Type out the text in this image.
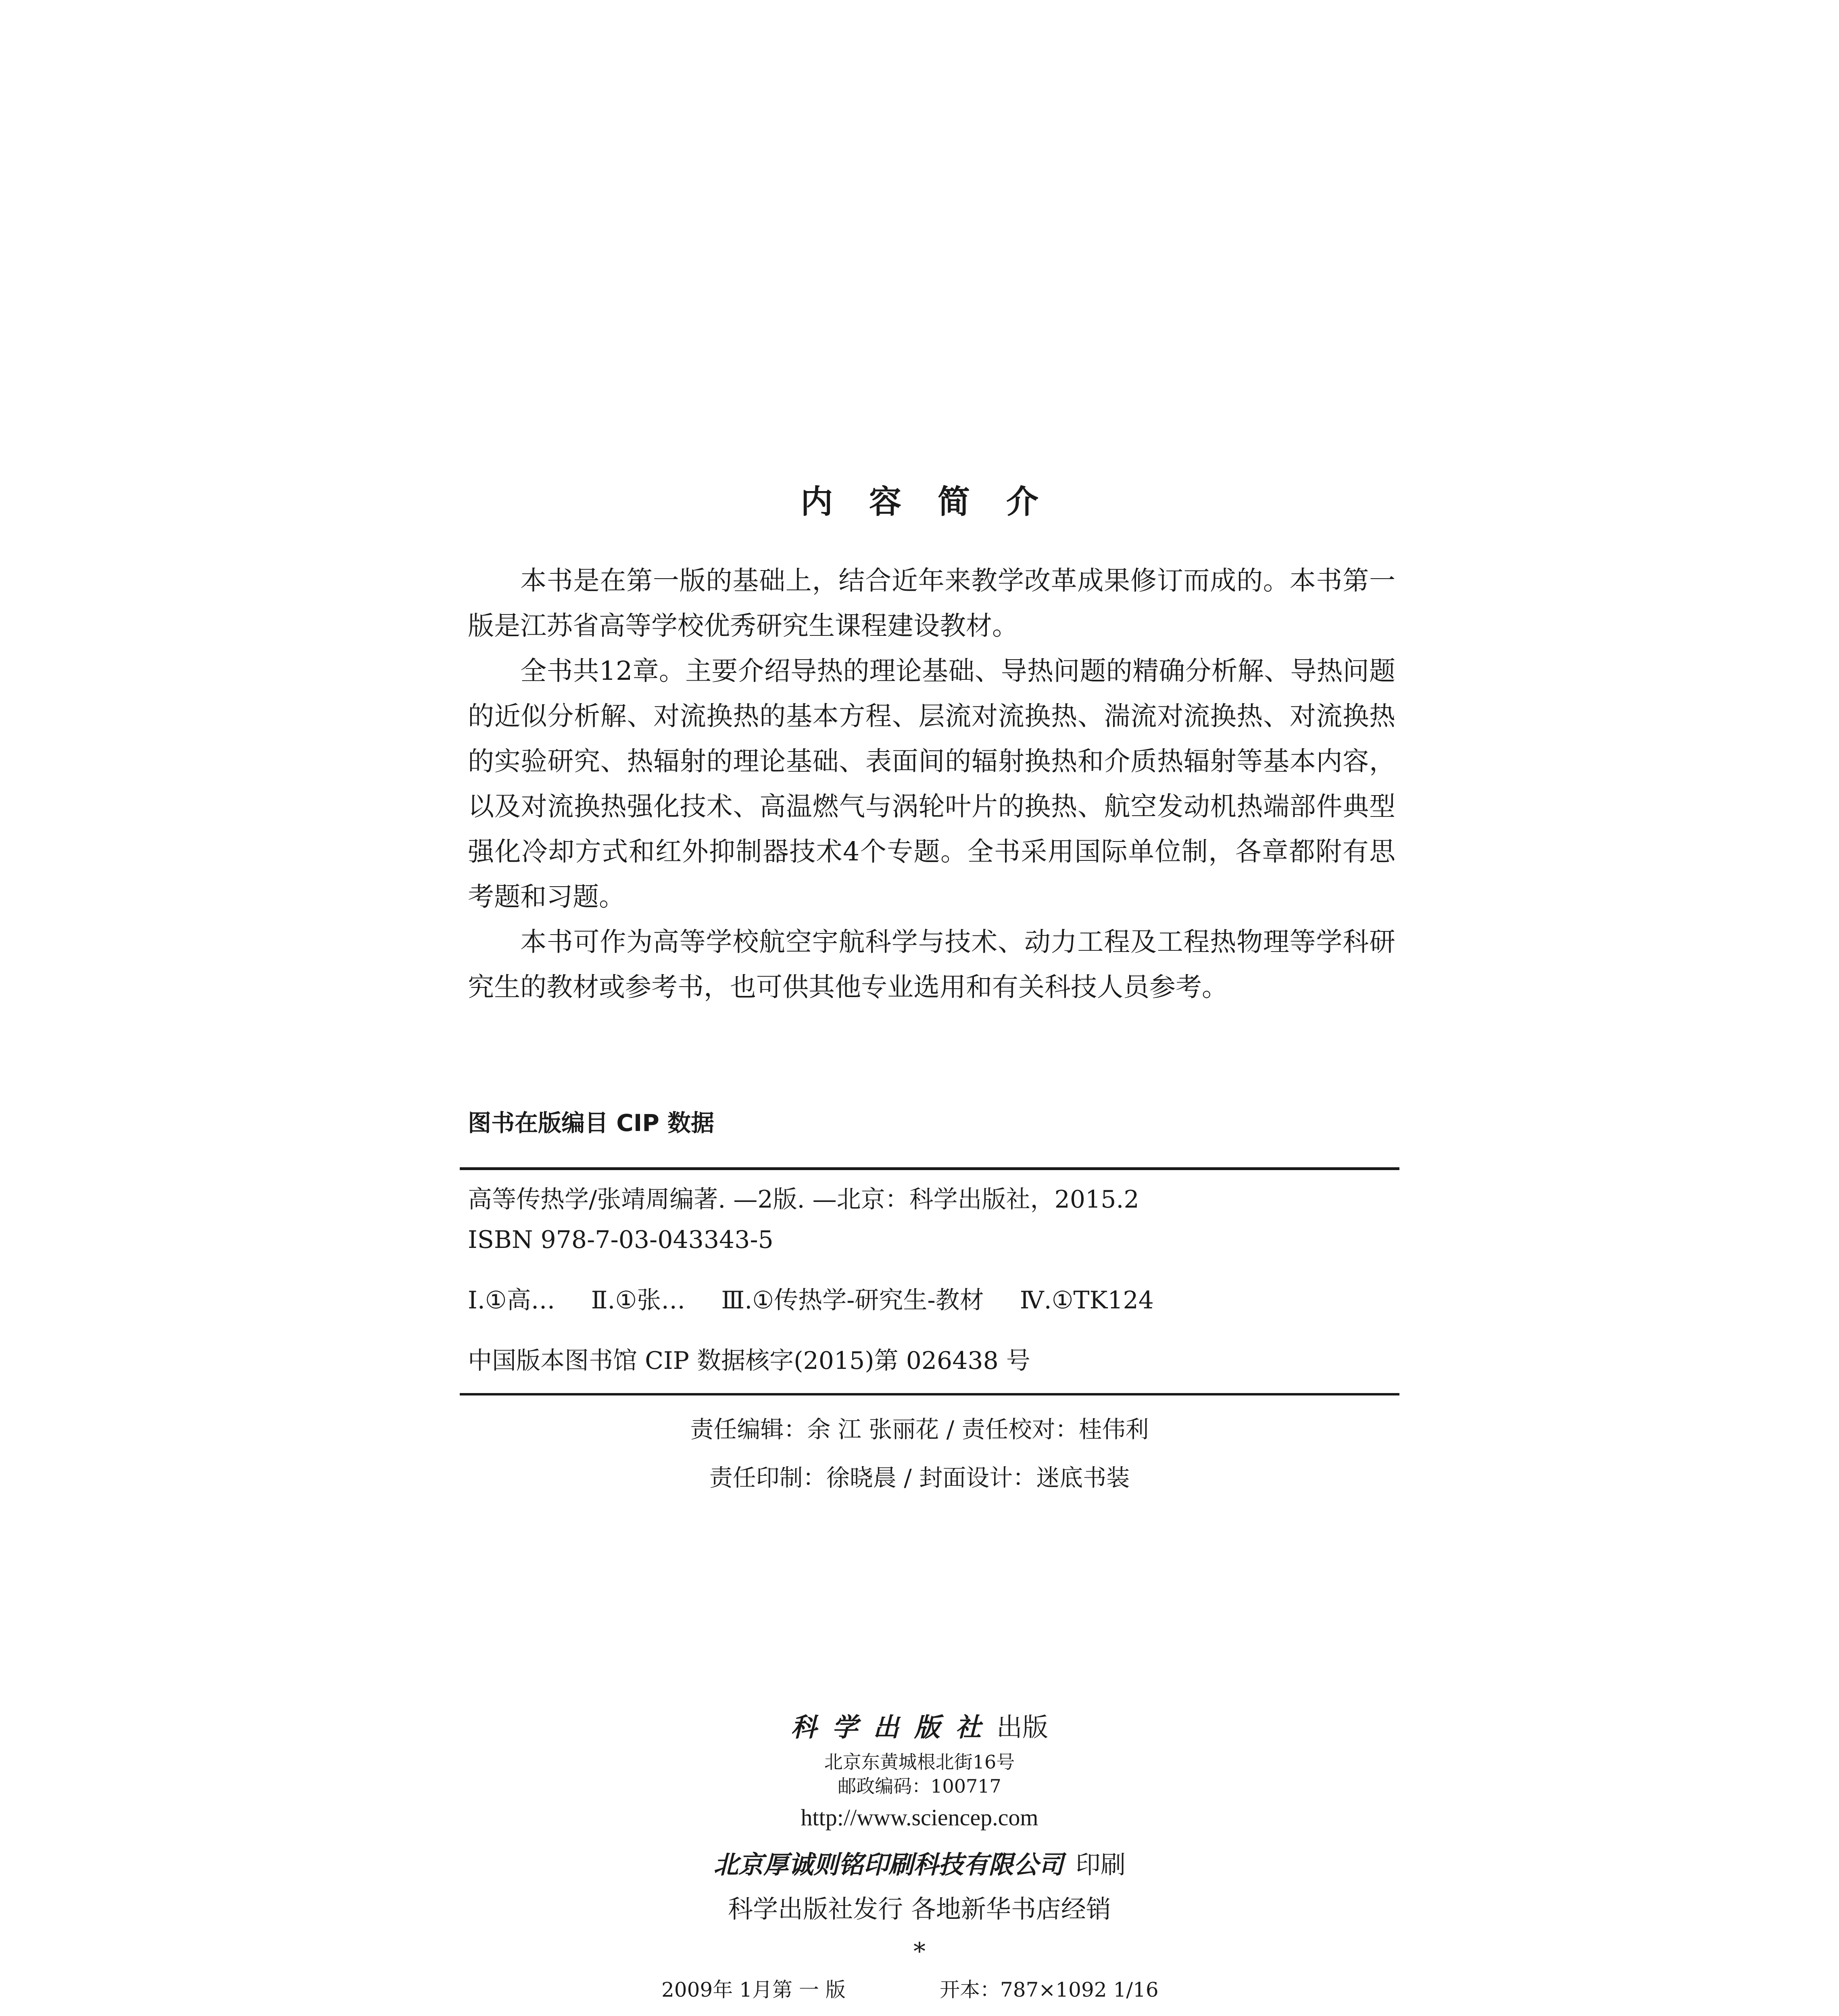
内容简介

本书是在第一版的基础上，结合近年来教学改革成果修订而成的。本书第一版是江苏省高等学校优秀研究生课程建设教材。

全书共12章。主要介绍导热的理论基础、导热问题的精确分析解、导热问题的近似分析解、对流换热的基本方程、层流对流换热、湍流对流换热、对流换热的实验研究、热辐射的理论基础、表面间的辐射换热和介质热辐射等基本内容，以及对流换热强化技术、高温燃气与涡轮叶片的换热、航空发动机热端部件典型强化冷却方式和红外抑制器技术4个专题。全书采用国际单位制，各章都附有思考题和习题。

本书可作为高等学校航空宇航科学与技术、动力工程及工程热物理等学科研究生的教材或参考书，也可供其他专业选用和有关科技人员参考。

图书在版编目 CIP 数据
高等传热学/张靖周编著. —2版. —北京：科学出版社，2015.2
ISBN 978-7-03-043343-5
Ⅰ.①高… Ⅱ.①张… Ⅲ.①传热学-研究生-教材 Ⅳ.①TK124
中国版本图书馆 CIP 数据核字(2015)第 026438 号
责任编辑：余 江 张丽花 / 责任校对：桂伟利
责任印制：徐晓晨 / 封面设计：迷底书装
科学出版社出版
北京东黄城根北街16号
邮政编码：100717
http://www.sciencep.com
北京厚诚则铭印刷科技有限公司 印刷
科学出版社发行 各地新华书店经销
*
2009年 1月第 一 版	开本：787×1092 1/16
